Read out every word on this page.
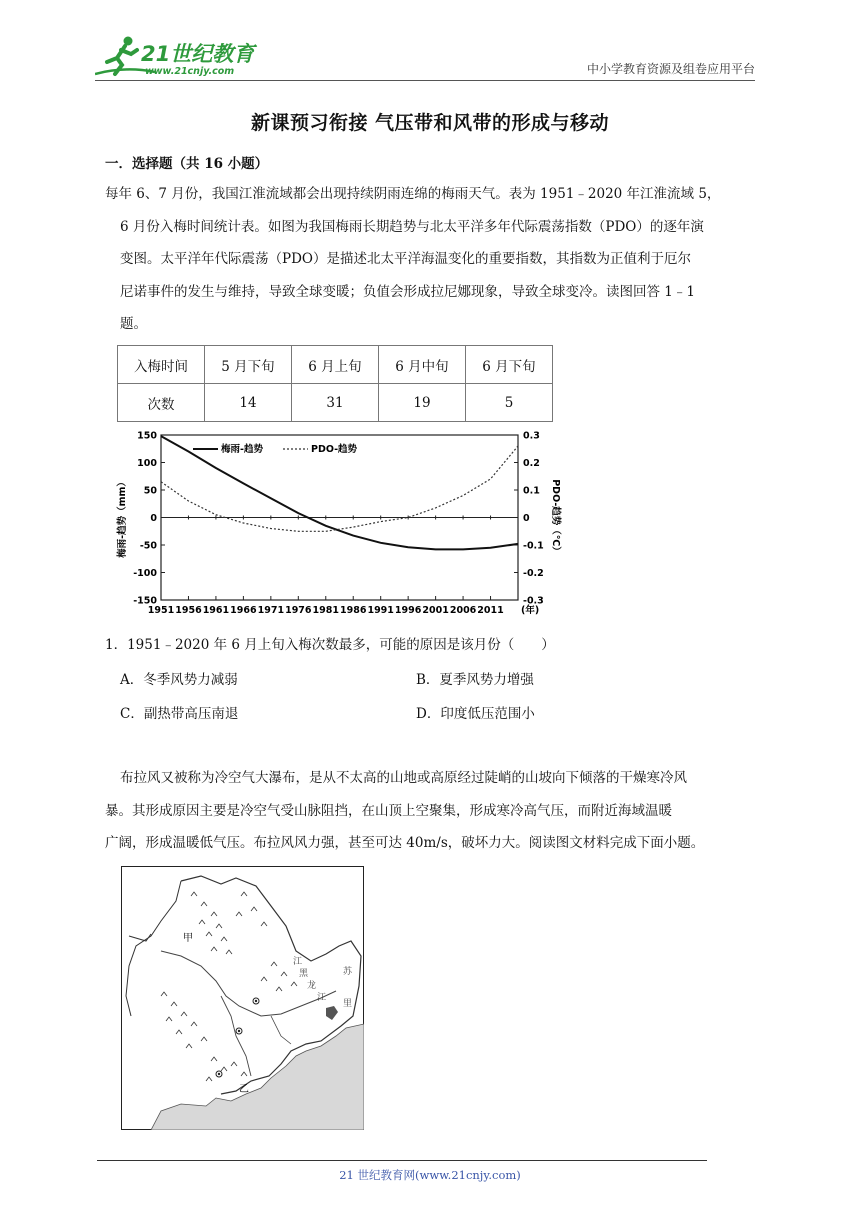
21世纪教育
www.21cnjy.com	中小学教育资源及组卷应用平台
新课预习衔接 气压带和风带的形成与移动
一．选择题（共 16 小题）
每年 6、7 月份，我国江淮流域都会出现持续阴雨连绵的梅雨天气。表为 1951﹣2020 年江淮流域 5，
6 月份入梅时间统计表。如图为我国梅雨长期趋势与北太平洋多年代际震荡指数（PDO）的逐年演
变图。太平洋年代际震荡（PDO）是描述北太平洋海温变化的重要指数，其指数为正值利于厄尔
尼诺事件的发生与维持，导致全球变暖；负值会形成拉尼娜现象，导致全球变冷。读图回答 1﹣1
题。
入梅时间	5 月下旬	6 月上旬	6 月中旬	6 月下旬
次数	14	31	19	5
150
100
50
0
-50
-100
-150
0.3
0.2
0.1
0
-0.1
-0.2
-0.3
1951 1956 1961 1966 1971 1976 1981 1986 1991 1996 2001 2006 2011 (年)
梅雨-趋势（mm）	PDO-趋势（℃）
梅雨-趋势	PDO-趋势
1．1951﹣2020 年 6 月上旬入梅次数最多，可能的原因是该月份（　　）
A．冬季风势力减弱	B．夏季风势力增强
C．副热带高压南退	D．印度低压范围小
布拉风又被称为冷空气大瀑布，是从不太高的山地或高原经过陡峭的山坡向下倾落的干燥寒冷风
暴。其形成原因主要是冷空气受山脉阻挡，在山顶上空聚集，形成寒冷高气压，而附近海域温暖
广阔，形成温暖低气压。布拉风风力强，甚至可达 40m/s，破坏力大。阅读图文材料完成下面小题。
甲
乙
江
黑
龙
江
苏
里
21 世纪教育网(www.21cnjy.com)
